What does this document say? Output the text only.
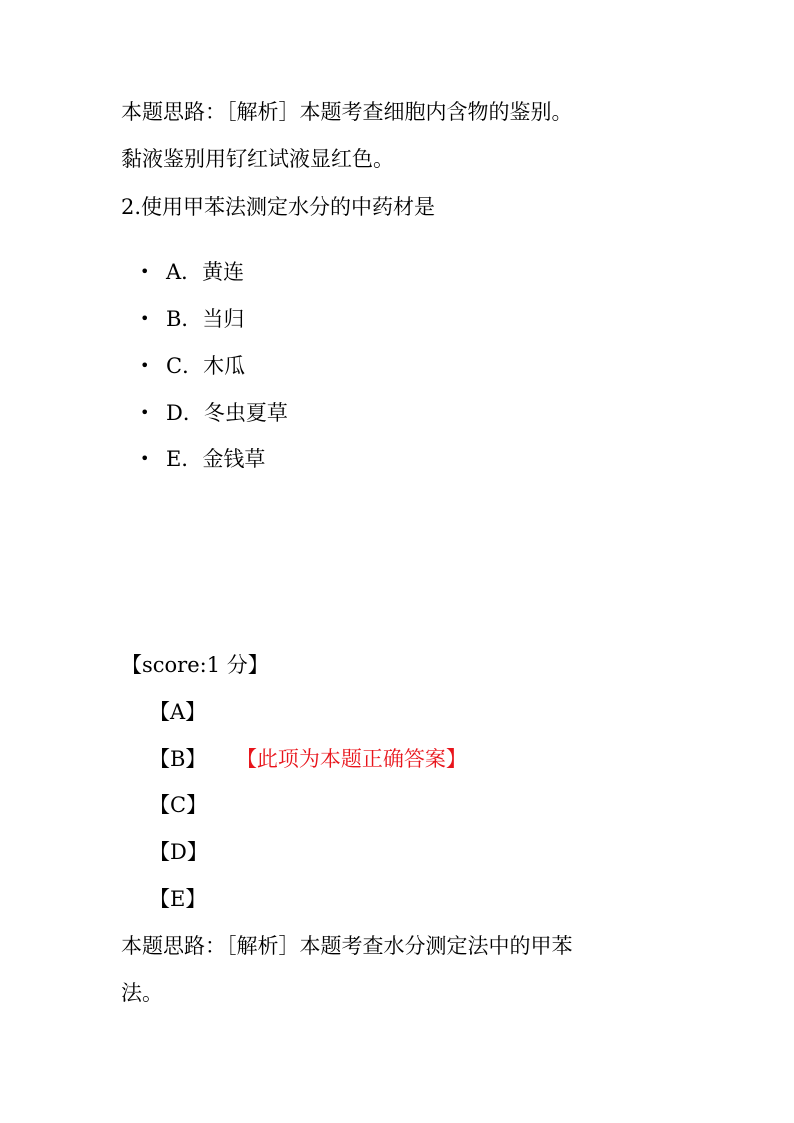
本题思路：［解析］本题考查细胞内含物的鉴别。
黏液鉴别用钌红试液显红色。
2.使用甲苯法测定水分的中药材是
• A．黄连
• B．当归
• C．木瓜
• D．冬虫夏草
• E．金钱草
【score:1 分】
【A】
【B】 【此项为本题正确答案】
【C】
【D】
【E】
本题思路：［解析］本题考查水分测定法中的甲苯
法。
